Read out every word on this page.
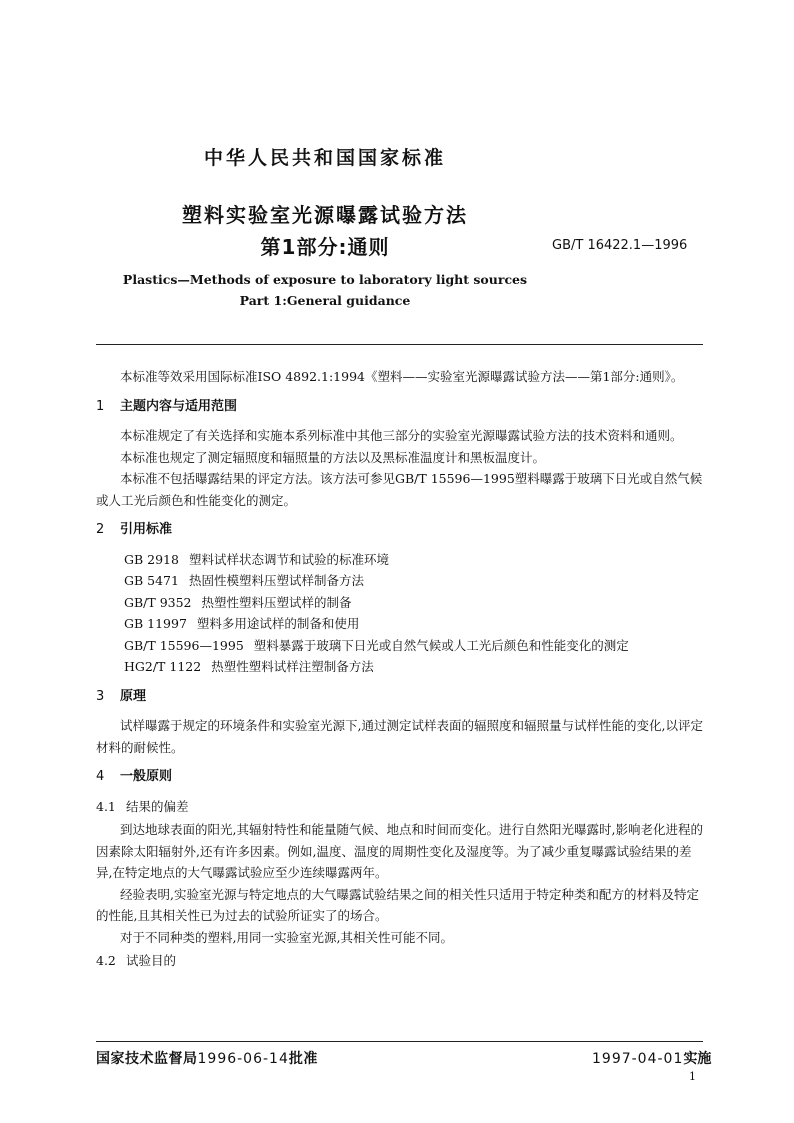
中华人民共和国国家标准
塑料实验室光源曝露试验方法
第1部分:通则	GB/T 16422.1—1996
Plastics—Methods of exposure to laboratory light sources
Part 1:General guidance

本标准等效采用国际标准ISO 4892.1:1994《塑料——实验室光源曝露试验方法——第1部分:通则》。

1 主题内容与适用范围

本标准规定了有关选择和实施本系列标准中其他三部分的实验室光源曝露试验方法的技术资料和通则。

本标准也规定了测定辐照度和辐照量的方法以及黑标准温度计和黑板温度计。

本标准不包括曝露结果的评定方法。该方法可参见GB/T 15596—1995塑料曝露于玻璃下日光或自然气候或人工光后颜色和性能变化的测定。

2 引用标准
GB 2918 塑料试样状态调节和试验的标准环境
GB 5471 热固性模塑料压塑试样制备方法
GB/T 9352 热塑性塑料压塑试样的制备
GB 11997 塑料多用途试样的制备和使用
GB/T 15596—1995 塑料暴露于玻璃下日光或自然气候或人工光后颜色和性能变化的测定
HG2/T 1122 热塑性塑料试样注塑制备方法
3 原理

试样曝露于规定的环境条件和实验室光源下,通过测定试样表面的辐照度和辐照量与试样性能的变化,以评定材料的耐候性。

4 一般原则
4.1 结果的偏差

到达地球表面的阳光,其辐射特性和能量随气候、地点和时间而变化。进行自然阳光曝露时,影响老化进程的因素除太阳辐射外,还有许多因素。例如,温度、温度的周期性变化及湿度等。为了减少重复曝露试验结果的差异,在特定地点的大气曝露试验应至少连续曝露两年。

经验表明,实验室光源与特定地点的大气曝露试验结果之间的相关性只适用于特定种类和配方的材料及特定的性能,且其相关性已为过去的试验所证实了的场合。

对于不同种类的塑料,用同一实验室光源,其相关性可能不同。

4.2 试验目的
国家技术监督局1996-06-14批准	1997-04-01实施
1
